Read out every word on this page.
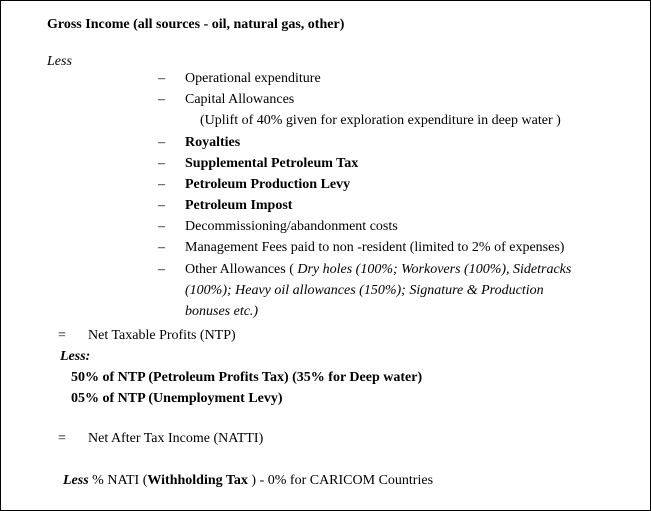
Gross Income (all sources - oil, natural gas, other)
Less
–	Operational expenditure
–	Capital Allowances
(Uplift of 40% given for exploration expenditure in deep water )
–	Royalties
–	Supplemental Petroleum Tax
–	Petroleum Production Levy
–	Petroleum Impost
–	Decommissioning/abandonment costs
–	Management Fees paid to non -resident (limited to 2% of expenses)
–	Other Allowances ( Dry holes (100%; Workovers (100%), Sidetracks
(100%); Heavy oil allowances (150%); Signature & Production
bonuses etc.)
= Net Taxable Profits (NTP)
Less:
50% of NTP (Petroleum Profits Tax) (35% for Deep water)
05% of NTP (Unemployment Levy)
= Net After Tax Income (NATTI)
Less % NATI (Withholding Tax ) - 0% for CARICOM Countries
